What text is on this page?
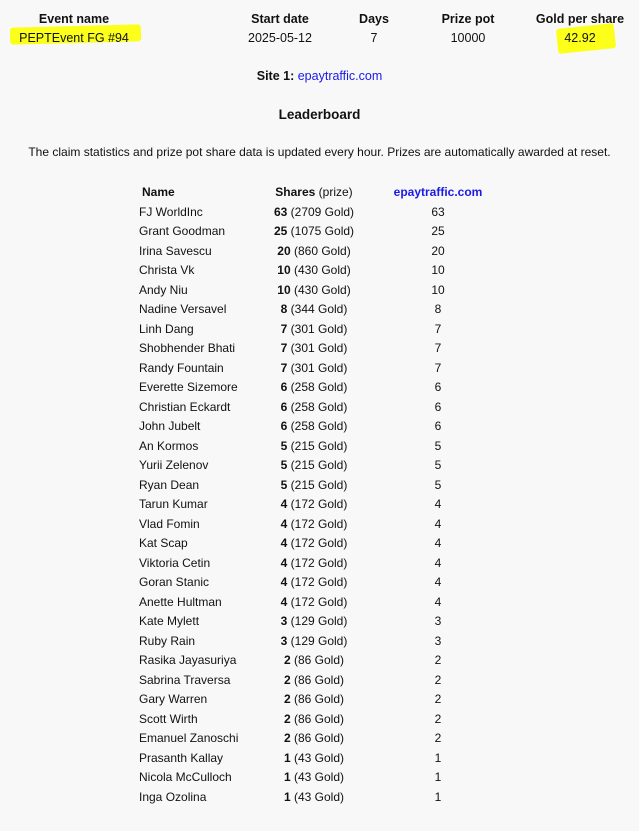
Event name	Start date	Days	Prize pot	Gold per share
PEPTEvent FG #94	2025-05-12	7	10000	42.92
Site 1: epaytraffic.com
Leaderboard
The claim statistics and prize pot share data is updated every hour. Prizes are automatically awarded at reset.
Name	Shares (prize)	epaytraffic.com
FJ WorldInc	63 (2709 Gold)	63
Grant Goodman	25 (1075 Gold)	25
Irina Savescu	20 (860 Gold)	20
Christa Vk	10 (430 Gold)	10
Andy Niu	10 (430 Gold)	10
Nadine Versavel	8 (344 Gold)	8
Linh Dang	7 (301 Gold)	7
Shobhender Bhati	7 (301 Gold)	7
Randy Fountain	7 (301 Gold)	7
Everette Sizemore	6 (258 Gold)	6
Christian Eckardt	6 (258 Gold)	6
John Jubelt	6 (258 Gold)	6
An Kormos	5 (215 Gold)	5
Yurii Zelenov	5 (215 Gold)	5
Ryan Dean	5 (215 Gold)	5
Tarun Kumar	4 (172 Gold)	4
Vlad Fomin	4 (172 Gold)	4
Kat Scap	4 (172 Gold)	4
Viktoria Cetin	4 (172 Gold)	4
Goran Stanic	4 (172 Gold)	4
Anette Hultman	4 (172 Gold)	4
Kate Mylett	3 (129 Gold)	3
Ruby Rain	3 (129 Gold)	3
Rasika Jayasuriya	2 (86 Gold)	2
Sabrina Traversa	2 (86 Gold)	2
Gary Warren	2 (86 Gold)	2
Scott Wirth	2 (86 Gold)	2
Emanuel Zanoschi	2 (86 Gold)	2
Prasanth Kallay	1 (43 Gold)	1
Nicola McCulloch	1 (43 Gold)	1
Inga Ozolina	1 (43 Gold)	1
